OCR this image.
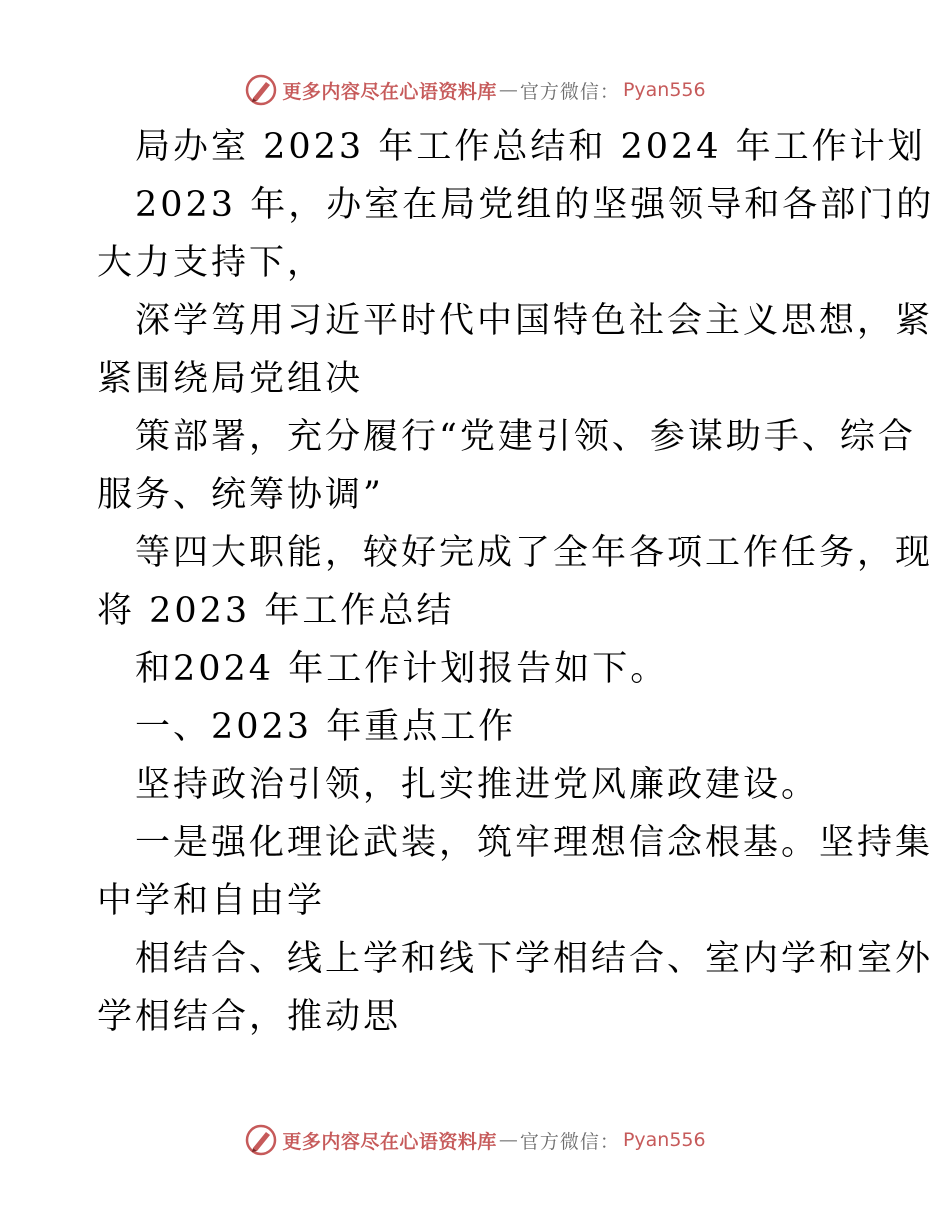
更多内容尽在心语资料库 — 官方微信 ： Pyan556
局办室 2023 年工作总结和 2024 年工作计划
2023 年，办室在局党组的坚强领导和各部门的
大力支持下，
深学笃用习近平时代中国特色社会主义思想，紧
紧围绕局党组决
策部署，充分履行“党建引领、参谋助手、综合
服务、统筹协调”
等四大职能，较好完成了全年各项工作任务，现
将 2023 年工作总结
和2024 年工作计划报告如下。
一、2023 年重点工作
坚持政治引领，扎实推进党风廉政建设。
一是强化理论武装，筑牢理想信念根基。坚持集
中学和自由学
相结合、线上学和线下学相结合、室内学和室外
学相结合，推动思
更多内容尽在心语资料库 — 官方微信 ： Pyan556
